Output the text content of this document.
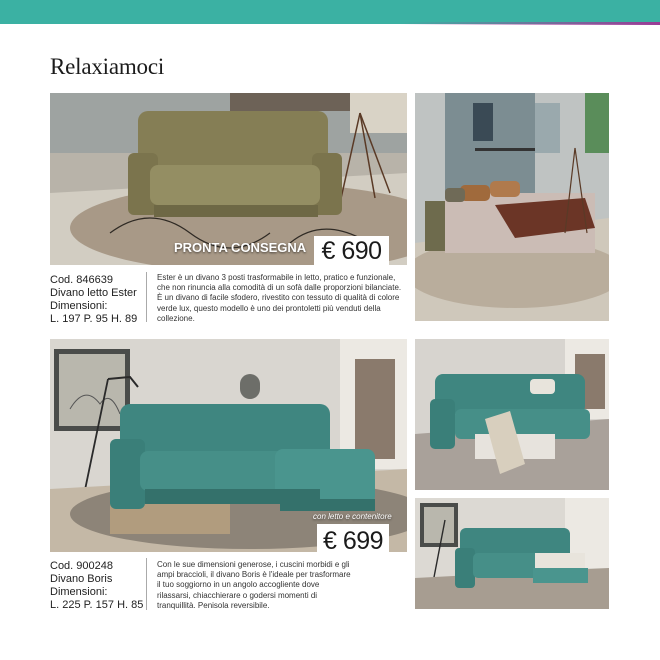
Relaxiamoci
PRONTA CONSEGNA € 690
Cod. 846639
Divano letto Ester
Dimensioni:
L. 197 P. 95 H. 89
Ester è un divano 3 posti trasformabile in letto, pratico e funzionale, che non rinuncia alla comodità di un sofà dalle proporzioni bilanciate. È un divano di facile sfodero, rivestito con tessuto di qualità di colore verde lux, questo modello è uno dei prontoletti più venduti della collezione.
con letto e contenitore
€ 699
Cod. 900248
Divano Boris
Dimensioni:
L. 225 P. 157 H. 85
Con le sue dimensioni generose, i cuscini morbidi e gli ampi braccioli, il divano Boris è l'ideale per trasformare il tuo soggiorno in un angolo accogliente dove rilassarsi, chiacchierare o godersi momenti di tranquillità. Penisola reversibile.
